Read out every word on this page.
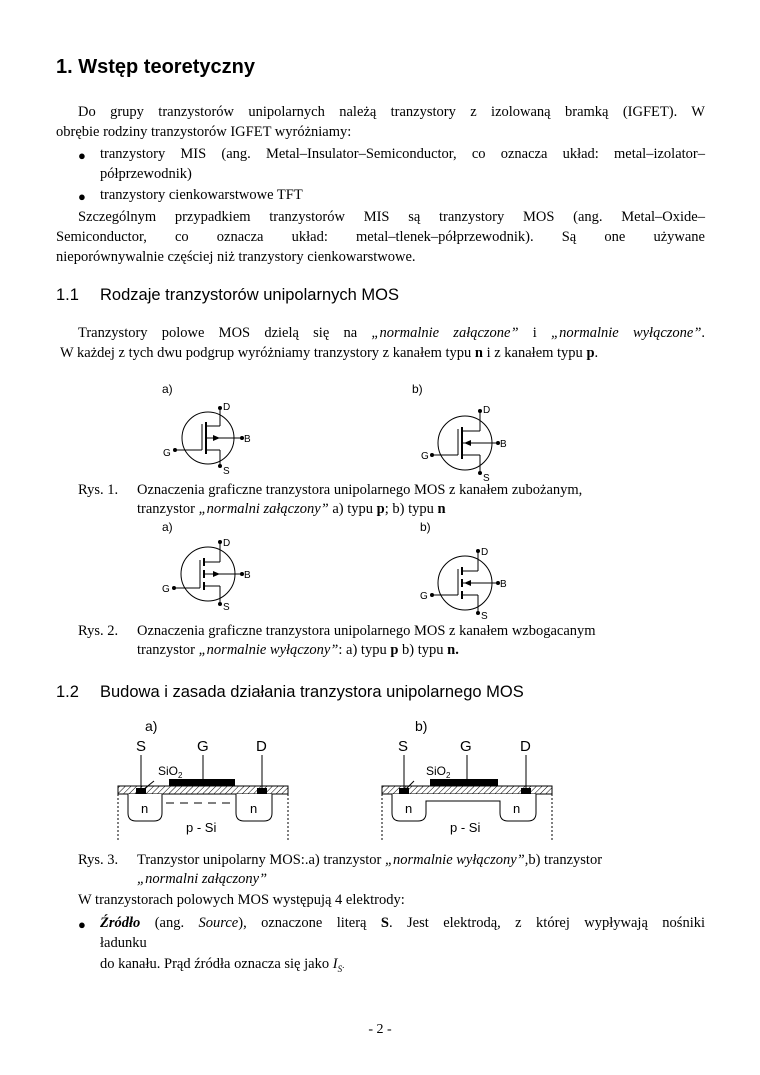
1. Wstęp teoretyczny
Do grupy tranzystorów unipolarnych należą tranzystory z izolowaną bramką (IGFET). W
obrębie rodziny tranzystorów IGFET wyróżniamy:
● tranzystory MIS (ang. Metal–Insulator–Semiconductor, co oznacza układ: metal–izolator–
półprzewodnik)
● tranzystory cienkowarstwowe TFT
Szczególnym przypadkiem tranzystorów MIS są tranzystory MOS (ang. Metal–Oxide–
Semiconductor, co oznacza układ: metal–tlenek–półprzewodnik). Są one używane
nieporównywalnie częściej niż tranzystory cienkowarstwowe.
1.1 Rodzaje tranzystorów unipolarnych MOS
Tranzystory polowe MOS dzielą się na „normalnie załączone” i „normalnie wyłączone”.
W każdej z tych dwu podgrup wyróżniamy tranzystory z kanałem typu n i z kanałem typu p.
a)	b)
D
G
S
B
D
G
S
B
Rys. 1. Oznaczenia graficzne tranzystora unipolarnego MOS z kanałem zubożanym,
tranzystor „normalni załączony” a) typu p; b) typu n
a)	b)
D
G
S
B
D
G
S
B
Rys. 2. Oznaczenia graficzne tranzystora unipolarnego MOS z kanałem wzbogacanym
tranzystor „normalnie wyłączony”: a) typu p b) typu n.
1.2 Budowa i zasada działania tranzystora unipolarnego MOS
a)	b)
S	G	D
n	n
p - Si
SiO$_2$
S	G	D
n	n
p - Si
SiO$_2$
Rys. 3. Tranzystor unipolarny MOS:.a) tranzystor „normalnie wyłączony”,b) tranzystor
„normalni załączony”
W tranzystorach polowych MOS występują 4 elektrody:
● Źródło (ang. Source), oznaczone literą S. Jest elektrodą, z której wypływają nośniki
ładunku
do kanału. Prąd źródła oznacza się jako $I_S$.
- 2 -
